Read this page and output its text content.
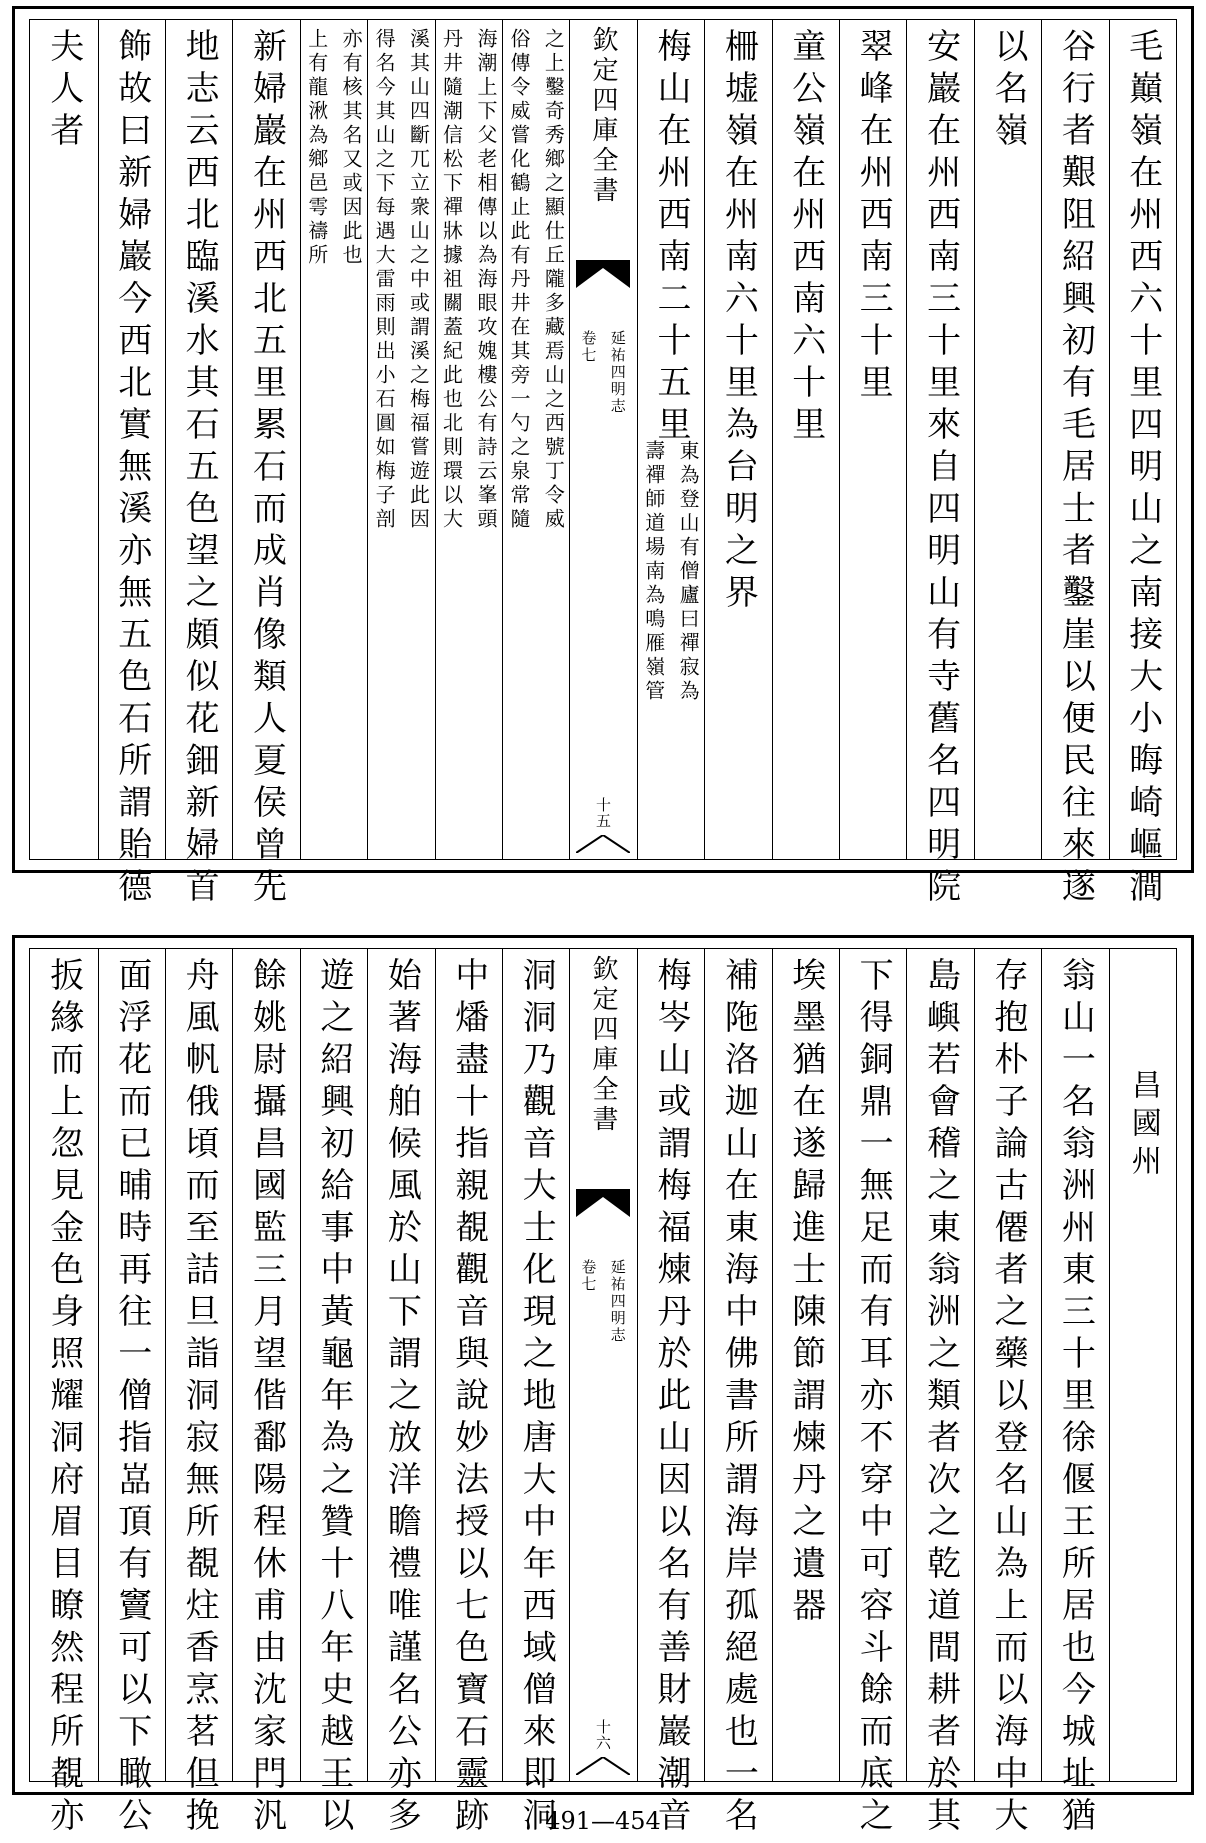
毛巔嶺在州西六十里四明山之南接大小晦崎嶇澗
谷行者艱阻紹興初有毛居士者鑿崖以便民往來遂
以名嶺
安巖在州西南三十里來自四明山有寺舊名四明院
翠峰在州西南三十里
童公嶺在州西南六十里
柵墟嶺在州南六十里為台明之界
梅山在州西南二十五里
東為登山有僧廬曰禪寂為
壽禪師道場南為鳴雁嶺管
欽定四庫全書
延祐四明志
卷七
十五
之上鑿奇秀鄉之顯仕丘隴多藏焉山之西號丁令威
俗傳令威嘗化鶴止此有丹井在其旁一勺之泉常隨
海潮上下父老相傳以為海眼攻媿樓公有詩云峯頭
丹井隨潮信松下禪牀據祖關蓋紀此也北則環以大
溪其山四斷兀立衆山之中或謂溪之梅福嘗遊此因
得名今其山之下每遇大雷雨則出小石圓如梅子剖
亦有核其名又或因此也
上有龍湫為鄉邑雩禱所
新婦巖在州西北五里累石而成肖像類人夏侯曾先
地志云西北臨溪水其石五色望之頗似花鈿新婦首
飾故曰新婦巖今西北實無溪亦無五色石所謂貽德
夫人者
昌國州
翁山一名翁洲州東三十里徐偃王所居也今城址猶
存抱朴子論古僊者之藥以登名山為上而以海中大
島嶼若會稽之東翁洲之類者次之乾道間耕者於其
下得銅鼎一無足而有耳亦不穿中可容斗餘而底之
埃墨猶在遂歸進士陳節謂煉丹之遺器
補陁洛迦山在東海中佛書所謂海岸孤絕處也一名
梅岑山或謂梅福煉丹於此山因以名有善財巖潮音
欽定四庫全書
延祐四明志
卷七
十六
洞洞乃觀音大士化現之地唐大中年西域僧來即洞
中燔盡十指親覩觀音與說妙法授以七色寶石靈跡
始著海舶候風於山下謂之放洋瞻禮唯謹名公亦多
遊之紹興初給事中黃龜年為之贊十八年史越王以
餘姚尉攝昌國監三月望偕鄱陽程休甫由沈家門汎
舟風帆俄頃而至詰旦詣洞寂無所覩炷香烹茗但挽
面浮花而已晡時再往一僧指嵓頂有竇可以下瞰公
扳緣而上忽見金色身照耀洞府眉目瞭然程所覩亦	491—454
